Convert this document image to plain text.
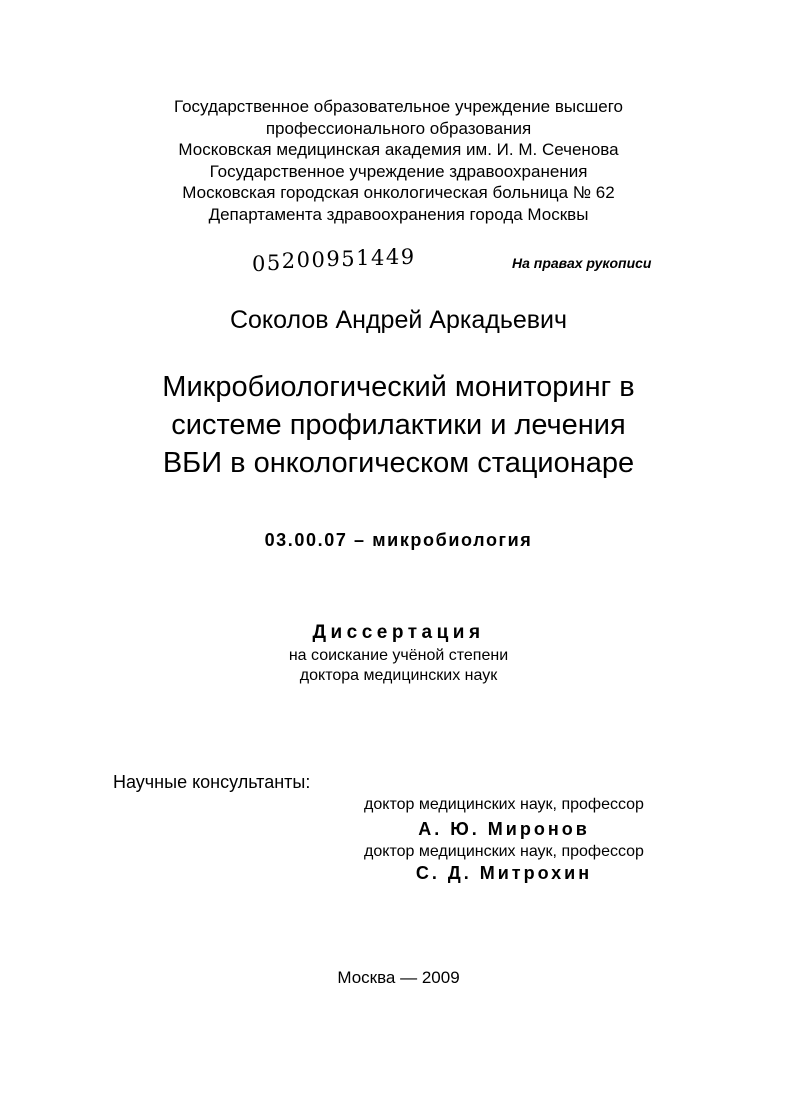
Государственное образовательное учреждение высшего
профессионального образования
Московская медицинская академия им. И. М. Сеченова
Государственное учреждение здравоохранения
Московская городская онкологическая больница № 62
Департамента здравоохранения города Москвы
05200951449	На правах рукописи
Соколов Андрей Аркадьевич
Микробиологический мониторинг в
системе профилактики и лечения
ВБИ в онкологическом стационаре
03.00.07 – микробиология
Диссертация
на соискание учёной степени
доктора медицинских наук
Научные консультанты:
доктор медицинских наук, профессор
А. Ю. Миронов
доктор медицинских наук, профессор
С. Д. Митрохин
Москва — 2009
